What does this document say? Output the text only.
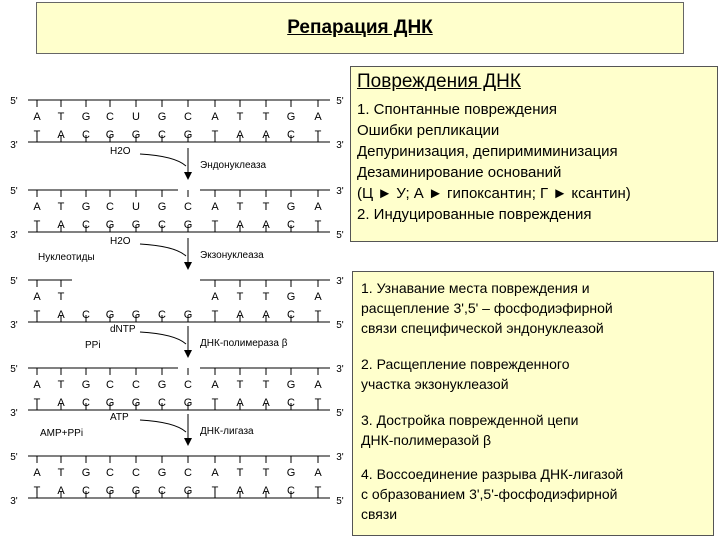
Репарация ДНК
Повреждения ДНК
1. Спонтанные повреждения
Ошибки репликации
Депуринизация, депиримиминизация
Дезаминирование оснований
(Ц ► У; А ► гипоксантин; Г ► ксантин)
2. Индуцированные повреждения
1. Узнавание места повреждения и
расщепление 3',5' – фосфодиэфирной
связи специфической эндонуклеазой
2. Расщепление поврежденного
участка экзонуклеазой
3. Достройка поврежденной цепи
ДНК-полимеразой β
4. Воссоединение разрыва ДНК-лигазой
с образованием 3',5'-фосфодиэфирной
связи
A
T
T
A
G
C
C
G
U
G
G
C
C
G
A
T
T
A
T
A
G
C
A
T
5'	5'
3'	3'
A
T
T
A
G
C
C
G
U
G
G
C
C
G
A
T
T
A
T
A
G
C
A
T
5'	3'
3'	5'
A
T
T
A C G G C G
A
T
T
A
T
A
G
C
A
T
5'	3'
3'	5'
A
T
T
A
G
C
C
G
C
G
G
C
C
G
A
T
T
A
T
A
G
C
A
T
5'	3'
3'	5'
A
T
T
A
G
C
C
G
C
G
G
C
C
G
A
T
T
A
T
A
G
C
A
T
5'	3'
3'	5'
Эндонуклеаза
H2O
Экзонуклеаза
H2O
Нуклеотиды
ДНК-полимераза β
dNTP
PPi
ДНК-лигаза
ATP
AMP+PPi
